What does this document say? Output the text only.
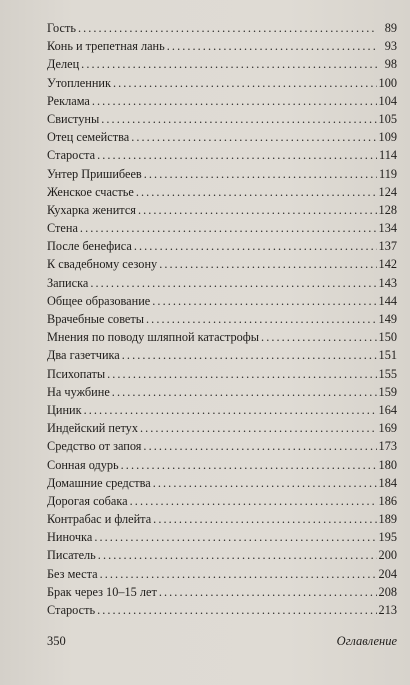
Гость . . .	89
Конь и трепетная лань . . .	93
Делец . . .	98
Утопленник . . .	100
Реклама . . .	104
Свистуны . . .	105
Отец семейства . . .	109
Староста . . .	114
Унтер Пришибеев . . .	119
Женское счастье . . .	124
Кухарка женится . . .	128
Стена . . .	134
После бенефиса . . .	137
К свадебному сезону . . .	142
Записка . . .	143
Общее образование . . .	144
Врачебные советы . . .	149
Мнения по поводу шляпной катастрофы . . .	150
Два газетчика . . .	151
Психопаты . . .	155
На чужбине . . .	159
Циник . . .	164
Индейский петух . . .	169
Средство от запоя . . .	173
Сонная одурь . . .	180
Домашние средства . . .	184
Дорогая собака . . .	186
Контрабас и флейта . . .	189
Ниночка . . .	195
Писатель . . .	200
Без места . . .	204
Брак через 10–15 лет . . .	208
Старость . . .	213
350	Оглавление
